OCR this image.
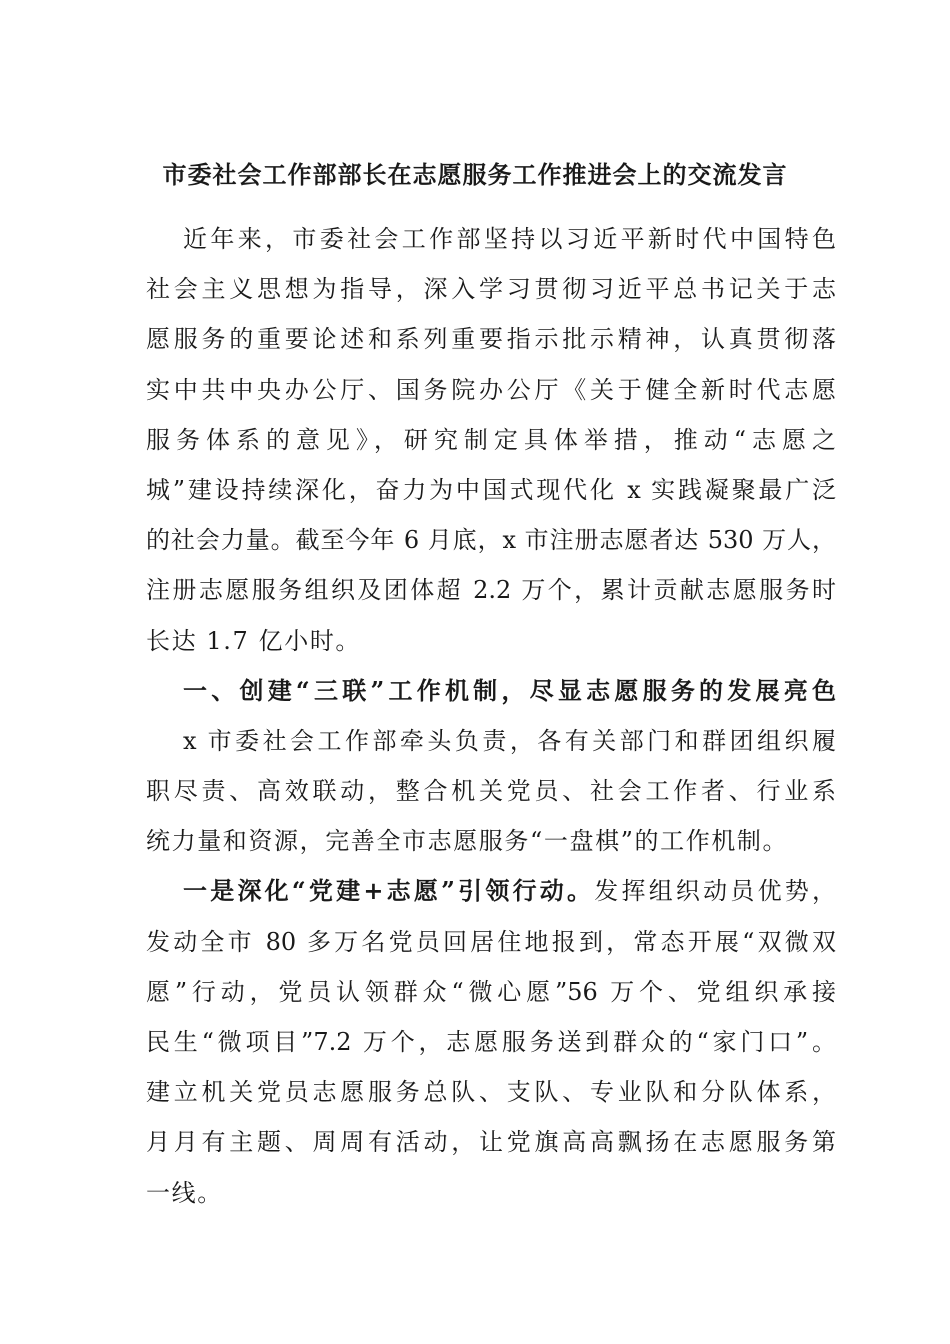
市委社会工作部部长在志愿服务工作推进会上的交流发言
近年来，市委社会工作部坚持以习近平新时代中国特色
社会主义思想为指导，深入学习贯彻习近平总书记关于志
愿服务的重要论述和系列重要指示批示精神，认真贯彻落
实中共中央办公厅、国务院办公厅《关于健全新时代志愿
服务体系的意见》，研究制定具体举措，推动“志愿之
城”建设持续深化，奋力为中国式现代化 x 实践凝聚最广泛
的社会力量。截至今年 6 月底，x 市注册志愿者达 530 万人，
注册志愿服务组织及团体超 2.2 万个，累计贡献志愿服务时
长达 1.7 亿小时。
一、创建“三联”工作机制，尽显志愿服务的发展亮色
x 市委社会工作部牵头负责，各有关部门和群团组织履
职尽责、高效联动，整合机关党员、社会工作者、行业系
统力量和资源，完善全市志愿服务“一盘棋”的工作机制。
一是深化“党建+志愿”引领行动。发挥组织动员优势，
发动全市 80 多万名党员回居住地报到，常态开展“双微双
愿”行动，党员认领群众“微心愿”56 万个、党组织承接
民生“微项目”7.2 万个，志愿服务送到群众的“家门口”。
建立机关党员志愿服务总队、支队、专业队和分队体系，
月月有主题、周周有活动，让党旗高高飘扬在志愿服务第
一线。
